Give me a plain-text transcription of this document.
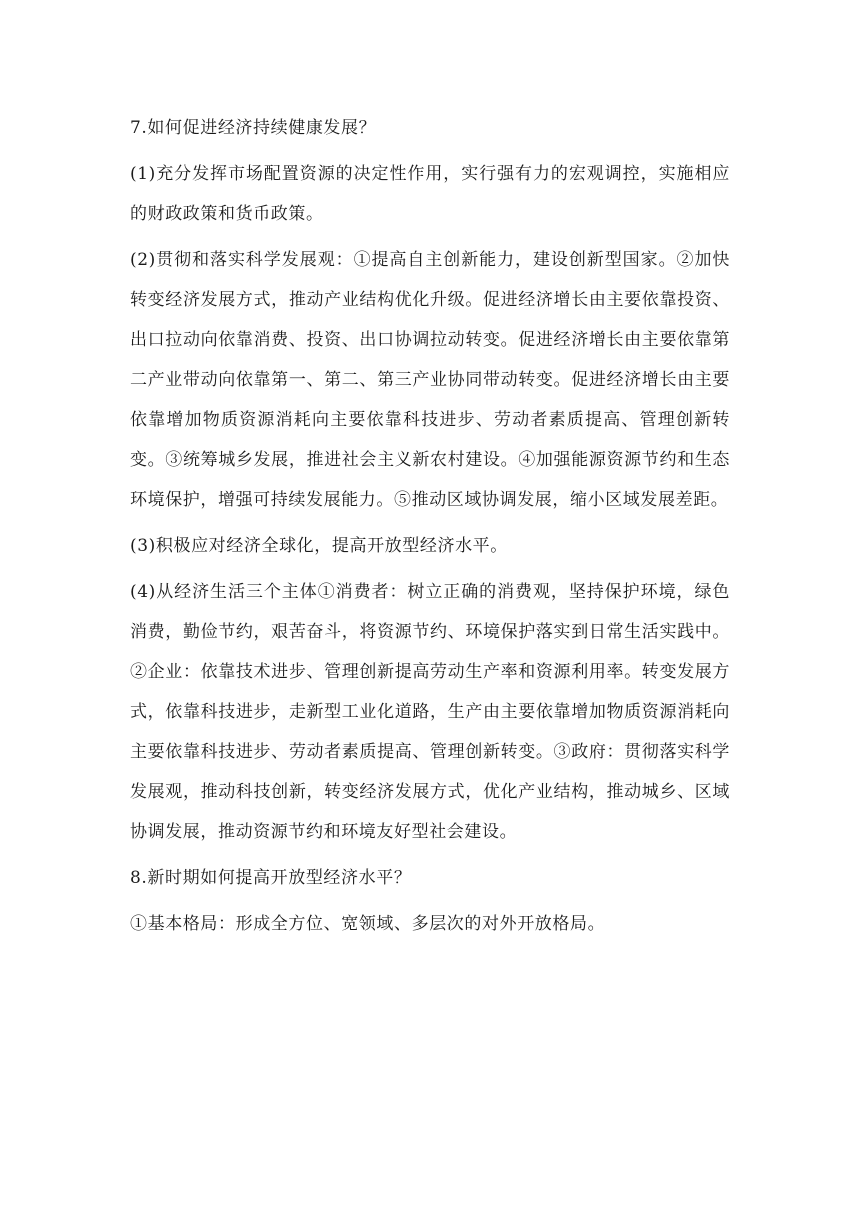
7.如何促进经济持续健康发展？

(1)充分发挥市场配置资源的决定性作用，实行强有力的宏观调控，实施相应的财政政策和货币政策。

(2)贯彻和落实科学发展观：①提高自主创新能力，建设创新型国家。②加快转变经济发展方式，推动产业结构优化升级。促进经济增长由主要依靠投资、出口拉动向依靠消费、投资、出口协调拉动转变。促进经济增长由主要依靠第二产业带动向依靠第一、第二、第三产业协同带动转变。促进经济增长由主要依靠增加物质资源消耗向主要依靠科技进步、劳动者素质提高、管理创新转变。③统筹城乡发展，推进社会主义新农村建设。④加强能源资源节约和生态环境保护，增强可持续发展能力。⑤推动区域协调发展，缩小区域发展差距。

(3)积极应对经济全球化，提高开放型经济水平。

(4)从经济生活三个主体①消费者：树立正确的消费观，坚持保护环境，绿色消费，勤俭节约，艰苦奋斗，将资源节约、环境保护落实到日常生活实践中。②企业：依靠技术进步、管理创新提高劳动生产率和资源利用率。转变发展方式，依靠科技进步，走新型工业化道路，生产由主要依靠增加物质资源消耗向主要依靠科技进步、劳动者素质提高、管理创新转变。③政府：贯彻落实科学发展观，推动科技创新，转变经济发展方式，优化产业结构，推动城乡、区域协调发展，推动资源节约和环境友好型社会建设。

8.新时期如何提高开放型经济水平？

①基本格局：形成全方位、宽领域、多层次的对外开放格局。
